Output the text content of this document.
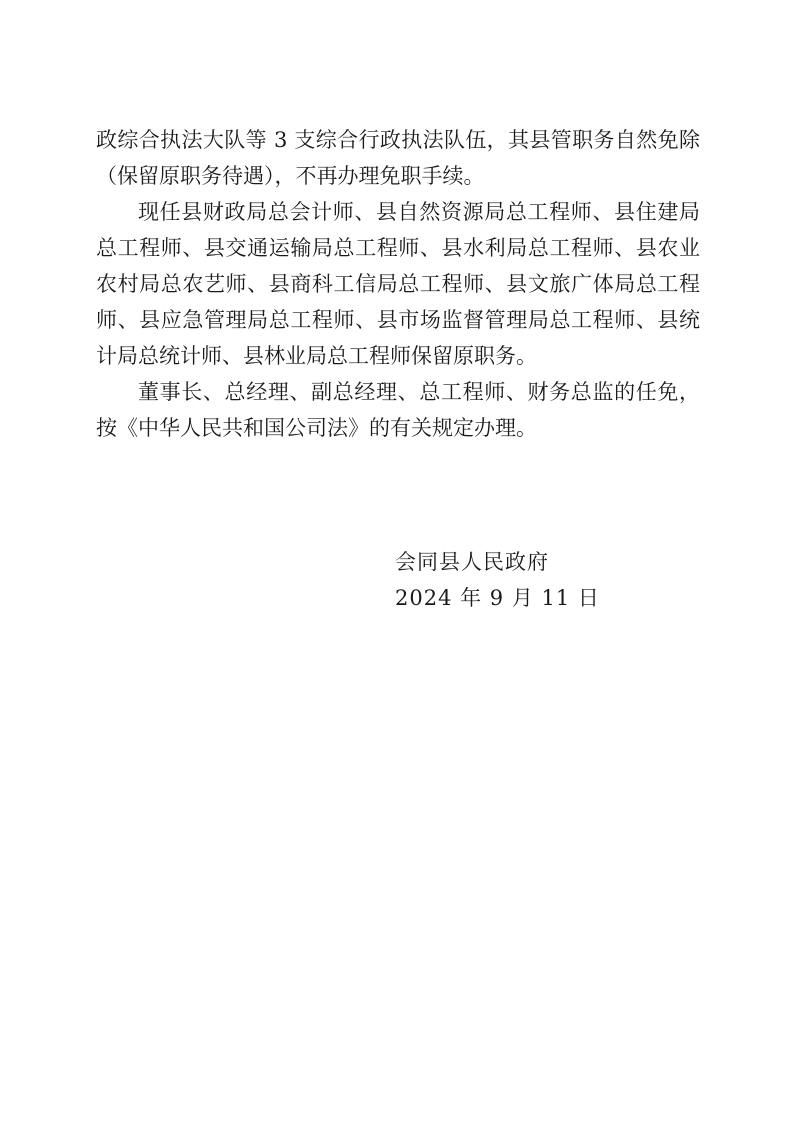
政综合执法大队等 3 支综合行政执法队伍，其县管职务自然免除
（保留原职务待遇），不再办理免职手续。
现任县财政局总会计师、县自然资源局总工程师、县住建局
总工程师、县交通运输局总工程师、县水利局总工程师、县农业
农村局总农艺师、县商科工信局总工程师、县文旅广体局总工程
师、县应急管理局总工程师、县市场监督管理局总工程师、县统
计局总统计师、县林业局总工程师保留原职务。
董事长、总经理、副总经理、总工程师、财务总监的任免，
按《中华人民共和国公司法》的有关规定办理。
会同县人民政府
2024 年 9 月 11 日
